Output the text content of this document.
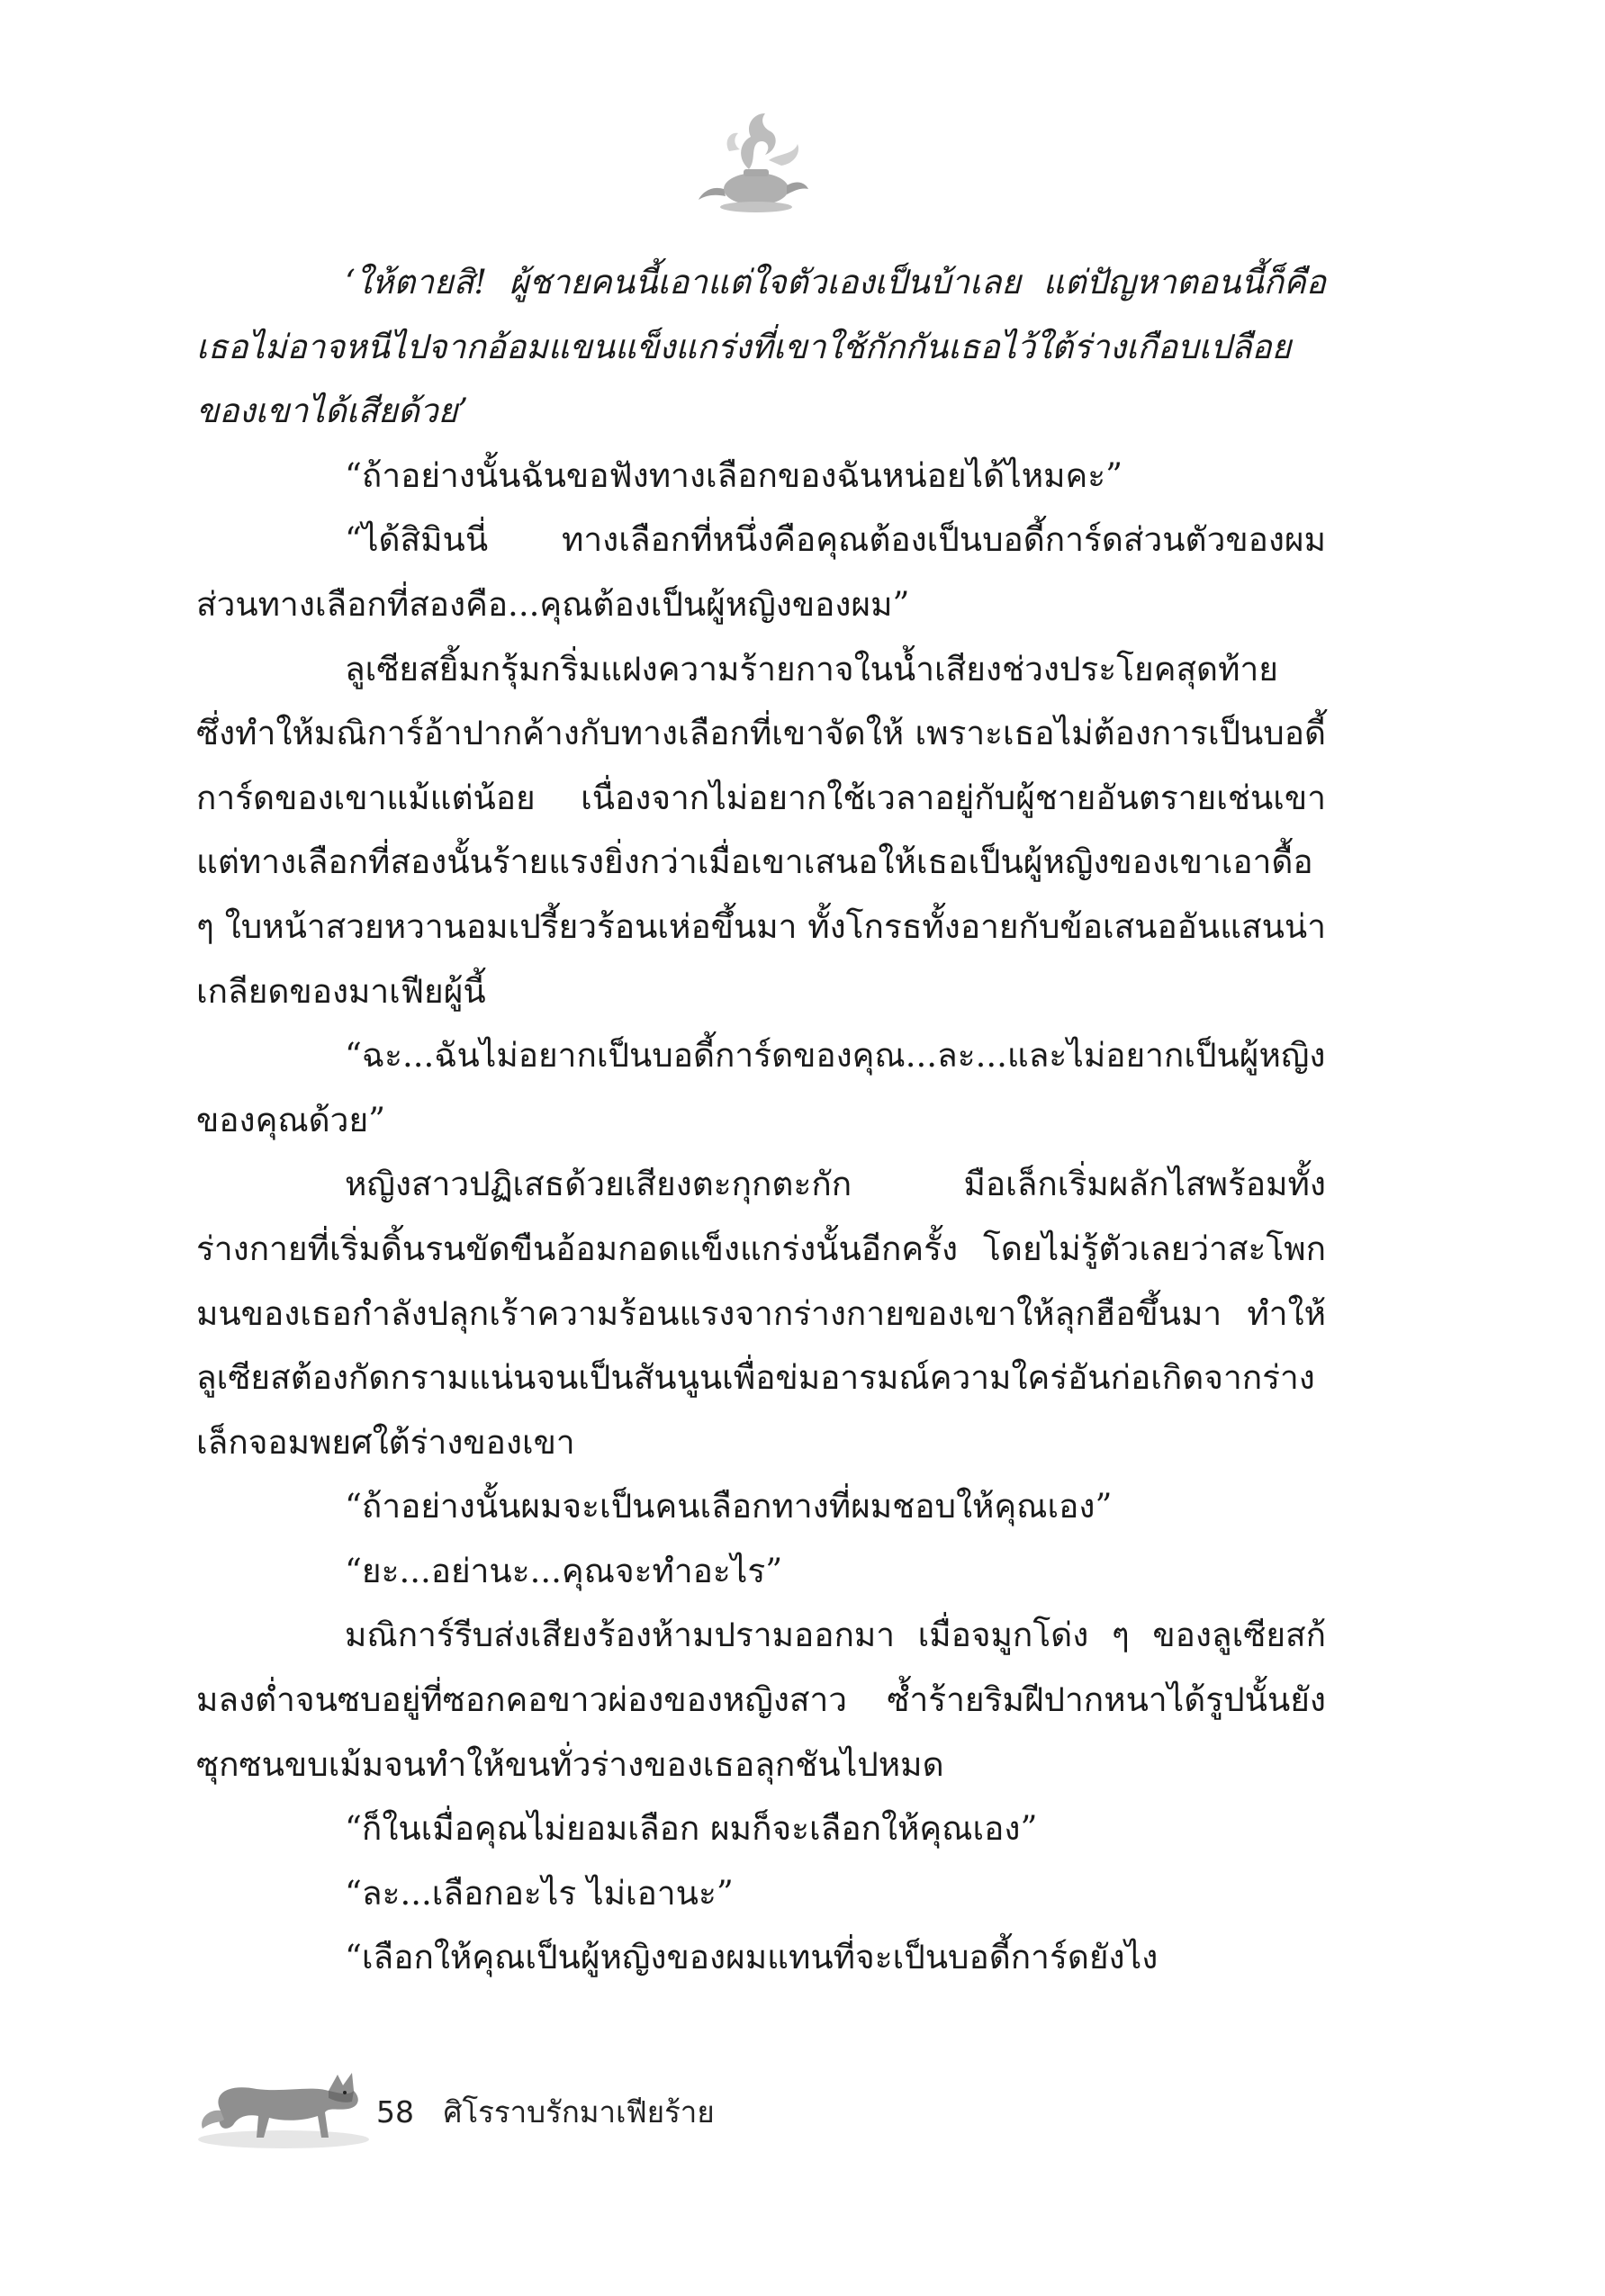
‘ให้ตายสิ! ผู้ชายคนนี้เอาแต่ใจตัวเองเป็นบ้าเลย แต่ปัญหาตอนนี้ก็คือเธอไม่อาจหนีไปจากอ้อมแขนแข็งแกร่งที่เขาใช้กักกันเธอไว้ใต้ร่างเกือบเปลือยของเขาได้เสียด้วย’

“ถ้าอย่างนั้นฉันขอฟังทางเลือกของฉันหน่อยได้ไหมคะ”

“ได้สิมินนี่ ทางเลือกที่หนึ่งคือคุณต้องเป็นบอดี้การ์ดส่วนตัวของผม ส่วนทางเลือกที่สองคือ...คุณต้องเป็นผู้หญิงของผม”

ลูเซียสยิ้มกรุ้มกริ่มแฝงความร้ายกาจในน้ำเสียงช่วงประโยคสุดท้าย ซึ่งทำให้มณิการ์อ้าปากค้างกับทางเลือกที่เขาจัดให้ เพราะเธอไม่ต้องการเป็นบอดี้การ์ดของเขาแม้แต่น้อย เนื่องจากไม่อยากใช้เวลาอยู่กับผู้ชายอันตรายเช่นเขา แต่ทางเลือกที่สองนั้นร้ายแรงยิ่งกว่าเมื่อเขาเสนอให้เธอเป็นผู้หญิงของเขาเอาดื้อ ๆ ใบหน้าสวยหวานอมเปรี้ยวร้อนเห่อขึ้นมา ทั้งโกรธทั้งอายกับข้อเสนออันแสนน่าเกลียดของมาเฟียผู้นี้

“ฉะ...ฉันไม่อยากเป็นบอดี้การ์ดของคุณ...ละ...และไม่อยากเป็นผู้หญิงของคุณด้วย”

หญิงสาวปฏิเสธด้วยเสียงตะกุกตะกัก มือเล็กเริ่มผลักไสพร้อมทั้งร่างกายที่เริ่มดิ้นรนขัดขืนอ้อมกอดแข็งแกร่งนั้นอีกครั้ง โดยไม่รู้ตัวเลยว่าสะโพกมนของเธอกำลังปลุกเร้าความร้อนแรงจากร่างกายของเขาให้ลุกฮือขึ้นมา ทำให้ลูเซียสต้องกัดกรามแน่นจนเป็นสันนูนเพื่อข่มอารมณ์ความใคร่อันก่อเกิดจากร่างเล็กจอมพยศใต้ร่างของเขา

“ถ้าอย่างนั้นผมจะเป็นคนเลือกทางที่ผมชอบให้คุณเอง”

“ยะ...อย่านะ...คุณจะทำอะไร”

มณิการ์รีบส่งเสียงร้องห้ามปรามออกมา เมื่อจมูกโด่ง ๆ ของลูเซียสก้มลงต่ำจนซบอยู่ที่ซอกคอขาวผ่องของหญิงสาว ซ้ำร้ายริมฝีปากหนาได้รูปนั้นยังซุกซนขบเม้มจนทำให้ขนทั่วร่างของเธอลุกชันไปหมด

“ก็ในเมื่อคุณไม่ยอมเลือก ผมก็จะเลือกให้คุณเอง”

“ละ...เลือกอะไร ไม่เอานะ”

“เลือกให้คุณเป็นผู้หญิงของผมแทนที่จะเป็นบอดี้การ์ดยังไง

58 ศิโรราบรักมาเฟียร้าย
